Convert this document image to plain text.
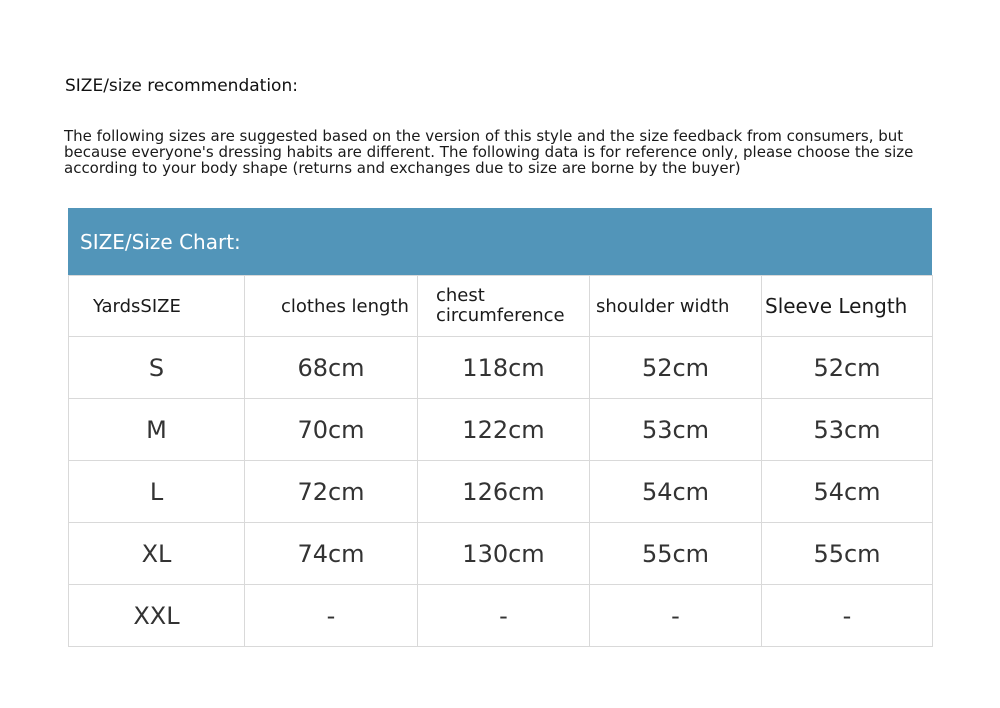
SIZE/size recommendation:
The following sizes are suggested based on the version of this style and the size feedback from consumers, but because everyone's dressing habits are different. The following data is for reference only, please choose the size according to your body shape (returns and exchanges due to size are borne by the buyer)
SIZE/Size Chart:
YardsSIZE	clothes length	chest circumference	shoulder width	Sleeve Length
S	68cm	118cm	52cm	52cm
M	70cm	122cm	53cm	53cm
L	72cm	126cm	54cm	54cm
XL	74cm	130cm	55cm	55cm
XXL	-	-	-	-
